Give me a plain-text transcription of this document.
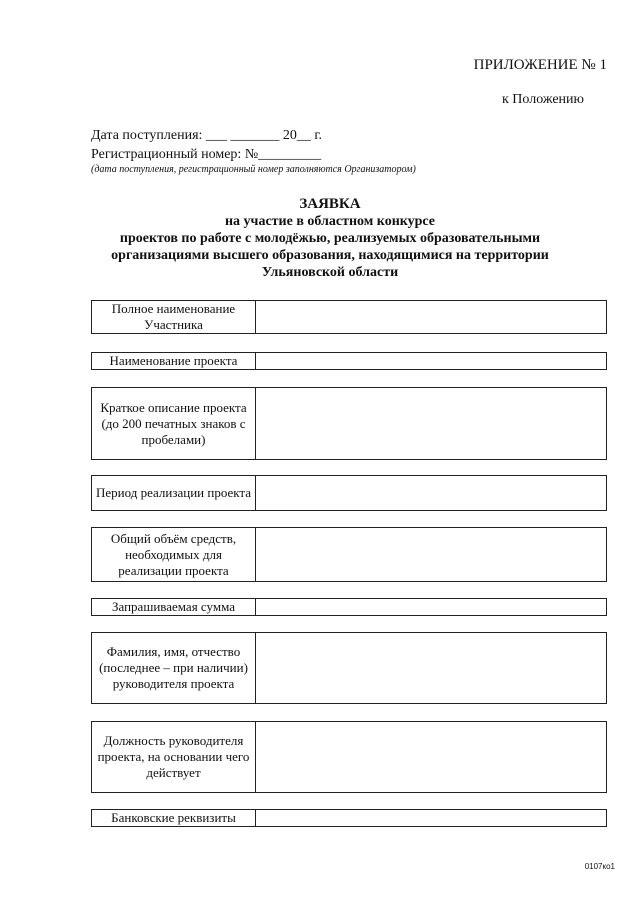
ПРИЛОЖЕНИЕ № 1
к Положению
Дата поступления: ___ _______ 20__ г.
Регистрационный номер: №_________
(дата поступления, регистрационный номер заполняются Организатором)
ЗАЯВКА
на участие в областном конкурсе
проектов по работе с молодёжью, реализуемых образовательными
организациями высшего образования, находящимися на территории
Ульяновской области
Полное наименование Участника
Наименование проекта
Краткое описание проекта (до 200 печатных знаков с пробелами)
Период реализации проекта
Общий объём средств, необходимых для реализации проекта
Запрашиваемая сумма
Фамилия, имя, отчество (последнее – при наличии) руководителя проекта
Должность руководителя проекта, на основании чего действует
Банковские реквизиты
0107ко1
